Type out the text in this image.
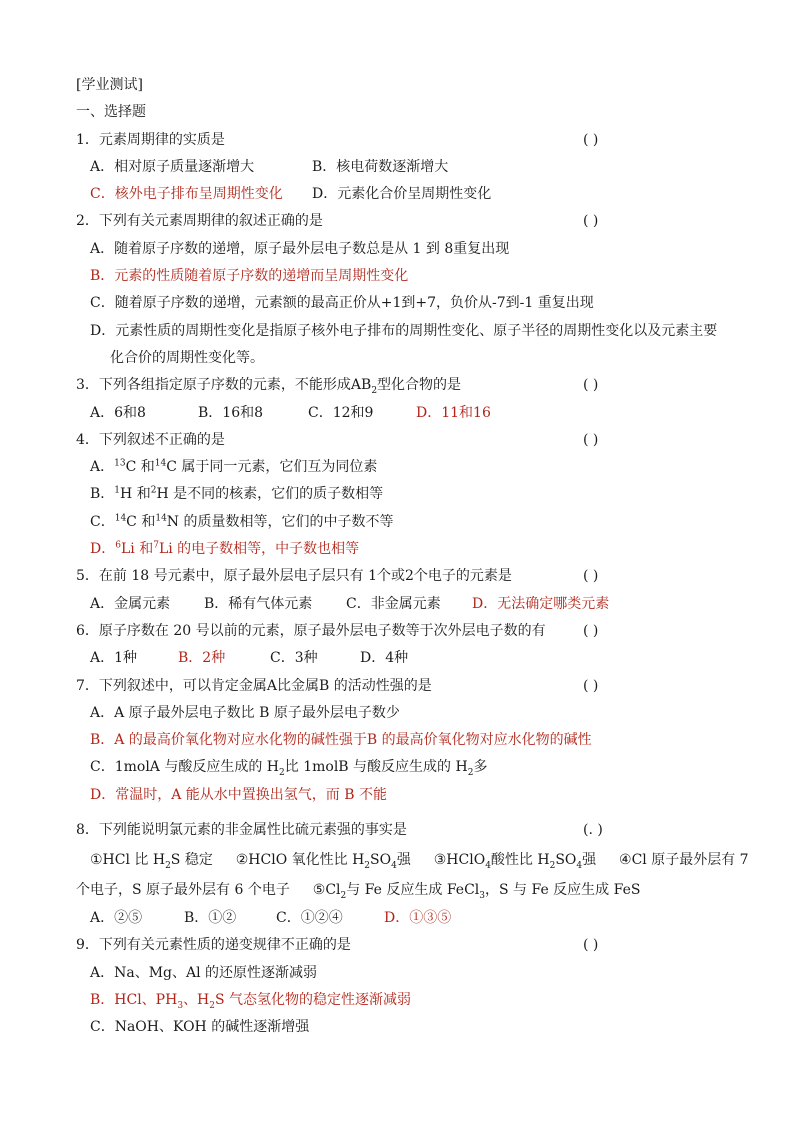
[学业测试]
一、选择题
1．元素周期律的实质是	( )
A．相对原子质量逐渐增大	B．核电荷数逐渐增大
C．核外电子排布呈周期性变化 D．元素化合价呈周期性变化
2．下列有关元素周期律的叙述正确的是	( )
A．随着原子序数的递增，原子最外层电子数总是从 1 到 8重复出现
B．元素的性质随着原子序数的递增而呈周期性变化
C．随着原子序数的递增，元素额的最高正价从+1到+7，负价从-7到-1 重复出现
D．元素性质的周期性变化是指原子核外电子排布的周期性变化、原子半径的周期性变化以及元素主要
化合价的周期性变化等。
3．下列各组指定原子序数的元素，不能形成$AB_2$型化合物的是	( )
A．6和8	B．16和8	C．12和9	D．11和16
4．下列叙述不正确的是	( )
A．$^{13}$C 和$^{14}$C 属于同一元素，它们互为同位素
B．$^1$H 和$^2$H 是不同的核素，它们的质子数相等
C．$^{14}$C 和$^{14}$N 的质量数相等，它们的中子数不等
D．$^6$Li 和$^7$Li 的电子数相等，中子数也相等
5．在前 18 号元素中，原子最外层电子层只有 1个或2个电子的元素是	( )
A．金属元素 B．稀有气体元素 C．非金属元素 D．无法确定哪类元素
6．原子序数在 20 号以前的元素，原子最外层电子数等于次外层电子数的有	( )
A．1种	B．2种	C．3种	D．4种
7．下列叙述中，可以肯定金属A比金属B 的活动性强的是	( )
A．A 原子最外层电子数比 B 原子最外层电子数少
B．A 的最高价氧化物对应水化物的碱性强于B 的最高价氧化物对应水化物的碱性
C．1molA 与酸反应生成的 $H_2$比 1molB 与酸反应生成的 $H_2$多
D．常温时，A 能从水中置换出氢气，而 B 不能
8．下列能说明氯元素的非金属性比硫元素强的事实是	(. )
①HCl 比 $H_2S$ 稳定 ②HClO 氧化性比 $H_2SO_4$强 ③HClO$_4$酸性比 $H_2SO_4$强 ④Cl 原子最外层有 7
个电子，S 原子最外层有 6 个电子 $⑤Cl_2$与 Fe 反应生成 FeCl$_3$，S 与 Fe 反应生成 FeS
A．②⑤	B．①②	C．①②④	D．①③⑤
9．下列有关元素性质的递变规律不正确的是	( )
A．Na、Mg、Al 的还原性逐渐减弱
B．HCl、$PH_3$、$H_2S$ 气态氢化物的稳定性逐渐减弱
C．NaOH、KOH 的碱性逐渐增强
